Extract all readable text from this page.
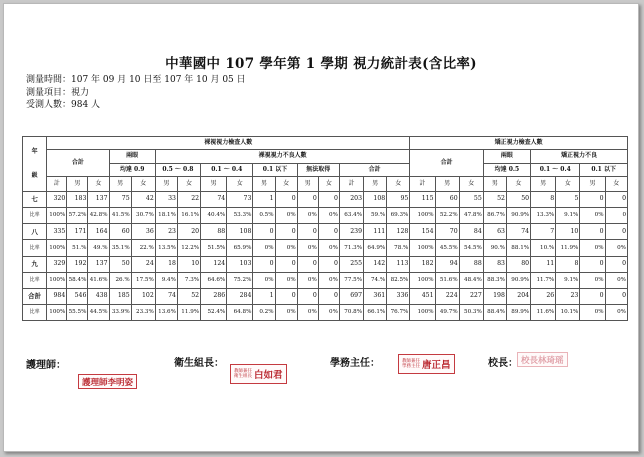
中華國中 107 學年第 1 學期 視力統計表(含比率)
測量時間：107 年 09 月 10 日至 107 年 10 月 05 日
測量項目：視力
受測人數：984 人
年
級	裸視視力檢查人數																矯正視力檢查人數								
	合計			兩眼		裸視視力不良人數											合計			兩眼		矯正視力不良			
				均達 0.9		0.5 ～ 0.8		0.1 ～ 0.4		0.1 以下		無法取得		合計						均達 0.5		0.1 ～ 0.4		0.1 以下	
	計	男	女	男	女	男	女	男	女	男	女	男	女	計	男	女	計	男	女	男	女	男	女	男	女
七	320	183	137	75	42	33	22	74	73	1	0	0	0	203	108	95	115	60	55	52	50	8	5	0	0
比率	100%	57.2%	42.8%	41.5%	30.7%	18.1%	16.1%	40.4%	53.3%	0.5%	0%	0%	0%	63.4%	59.%	69.3%	100%	52.2%	47.8%	86.7%	90.9%	13.3%	9.1%	0%	0
八	335	171	164	60	36	23	20	88	108	0	0	0	0	239	111	128	154	70	84	63	74	7	10	0	0
比率	100%	51.%	49.%	35.1%	22.%	13.5%	12.2%	51.5%	65.9%	0%	0%	0%	0%	71.3%	64.9%	78.%	100%	45.5%	54.5%	90.%	88.1%	10.%	11.9%	0%	0%
九	329	192	137	50	24	18	10	124	103	0	0	0	0	255	142	113	182	94	88	83	80	11	8	0	0
比率	100%	58.4%	41.6%	26.%	17.5%	9.4%	7.3%	64.6%	75.2%	0%	0%	0%	0%	77.5%	74.%	82.5%	100%	51.6%	48.4%	88.3%	90.9%	11.7%	9.1%	0%	0%
合計	984	546	438	185	102	74	52	286	284	1	0	0	0	697	361	336	451	224	227	198	204	26	23	0	0
比率	100%	55.5%	44.5%	33.9%	23.3%	13.6%	11.9%	52.4%	64.8%	0.2%	0%	0%	0%	70.8%	66.1%	76.7%	100%	49.7%	50.3%	88.4%	89.9%	11.6%	10.1%	0%	0%
護理師：
護理師李明姿
衛生組長：
教師兼任
衛生組長 白如君
學務主任：	教師兼任
學務主任 唐正昌	校長： 校長林琦瑶
